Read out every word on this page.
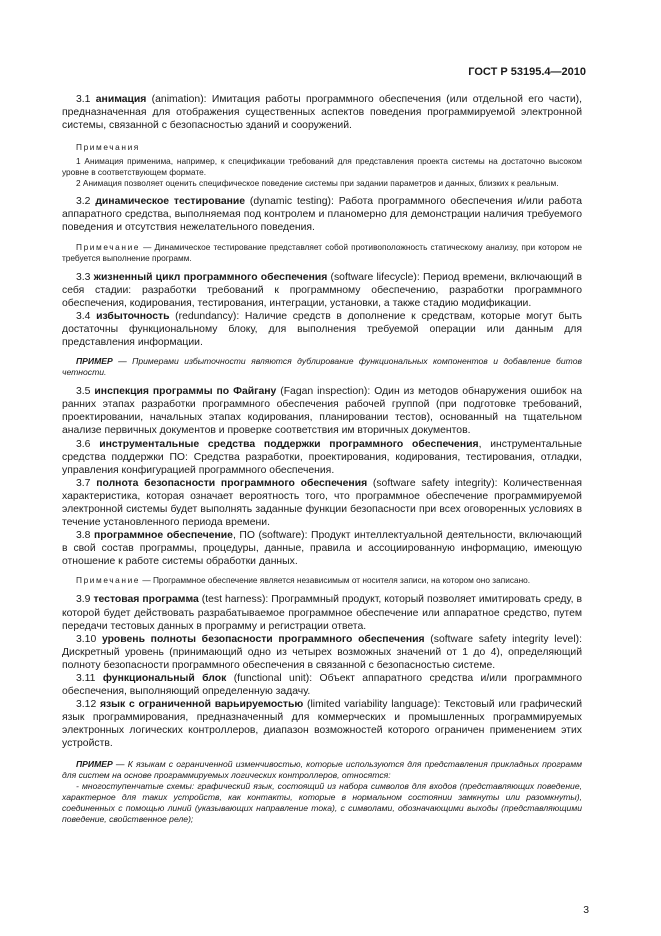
ГОСТ Р 53195.4—2010

3.1 анимация (animation): Имитация работы программного обеспечения (или отдельной его части), предназначенная для отображения существенных аспектов поведения программируемой электронной системы, связанной с безопасностью зданий и сооружений.

Примечания

1 Анимация применима, например, к спецификации требований для представления проекта системы на достаточно высоком уровне в соответствующем формате.

2 Анимация позволяет оценить специфическое поведение системы при задании параметров и данных, близких к реальным.

3.2 динамическое тестирование (dynamic testing): Работа программного обеспечения и/или работа аппаратного средства, выполняемая под контролем и планомерно для демонстрации наличия требуемого поведения и отсутствия нежелательного поведения.

Примечание — Динамическое тестирование представляет собой противоположность статическому анализу, при котором не требуется выполнение программ.

3.3 жизненный цикл программного обеспечения (software lifecycle): Период времени, включающий в себя стадии: разработки требований к программному обеспечению, разработки программного обеспечения, кодирования, тестирования, интеграции, установки, а также стадию модификации.

3.4 избыточность (redundancy): Наличие средств в дополнение к средствам, которые могут быть достаточны функциональному блоку, для выполнения требуемой операции или данным для представления информации.

ПРИМЕР — Примерами избыточности являются дублирование функциональных компонентов и добавление битов четности.

3.5 инспекция программы по Файгану (Fagan inspection): Один из методов обнаружения ошибок на ранних этапах разработки программного обеспечения рабочей группой (при подготовке требований, проектировании, начальных этапах кодирования, планировании тестов), основанный на тщательном анализе первичных документов и проверке соответствия им вторичных документов.

3.6 инструментальные средства поддержки программного обеспечения, инструментальные средства поддержки ПО: Средства разработки, проектирования, кодирования, тестирования, отладки, управления конфигурацией программного обеспечения.

3.7 полнота безопасности программного обеспечения (software safety integrity): Количественная характеристика, которая означает вероятность того, что программное обеспечение программируемой электронной системы будет выполнять заданные функции безопасности при всех оговоренных условиях в течение установленного периода времени.

3.8 программное обеспечение, ПО (software): Продукт интеллектуальной деятельности, включающий в свой состав программы, процедуры, данные, правила и ассоциированную информацию, имеющую отношение к работе системы обработки данных.

Примечание — Программное обеспечение является независимым от носителя записи, на котором оно записано.

3.9 тестовая программа (test harness): Программный продукт, который позволяет имитировать среду, в которой будет действовать разрабатываемое программное обеспечение или аппаратное средство, путем передачи тестовых данных в программу и регистрации ответа.

3.10 уровень полноты безопасности программного обеспечения (software safety integrity level): Дискретный уровень (принимающий одно из четырех возможных значений от 1 до 4), определяющий полноту безопасности программного обеспечения в связанной с безопасностью системе.

3.11 функциональный блок (functional unit): Объект аппаратного средства и/или программного обеспечения, выполняющий определенную задачу.

3.12 язык с ограниченной варьируемостью (limited variability language): Текстовый или графический язык программирования, предназначенный для коммерческих и промышленных программируемых электронных логических контроллеров, диапазон возможностей которого ограничен применением этих устройств.

ПРИМЕР — К языкам с ограниченной изменчивостью, которые используются для представления прикладных программ для систем на основе программируемых логических контроллеров, относятся:

- многоступенчатые схемы: графический язык, состоящий из набора символов для входов (представляющих поведение, характерное для таких устройств, как контакты, которые в нормальном состоянии замкнуты или разомкнуты), соединенных с помощью линий (указывающих направление тока), с символами, обозначающими выходы (представляющими поведение, свойственное реле);

3
